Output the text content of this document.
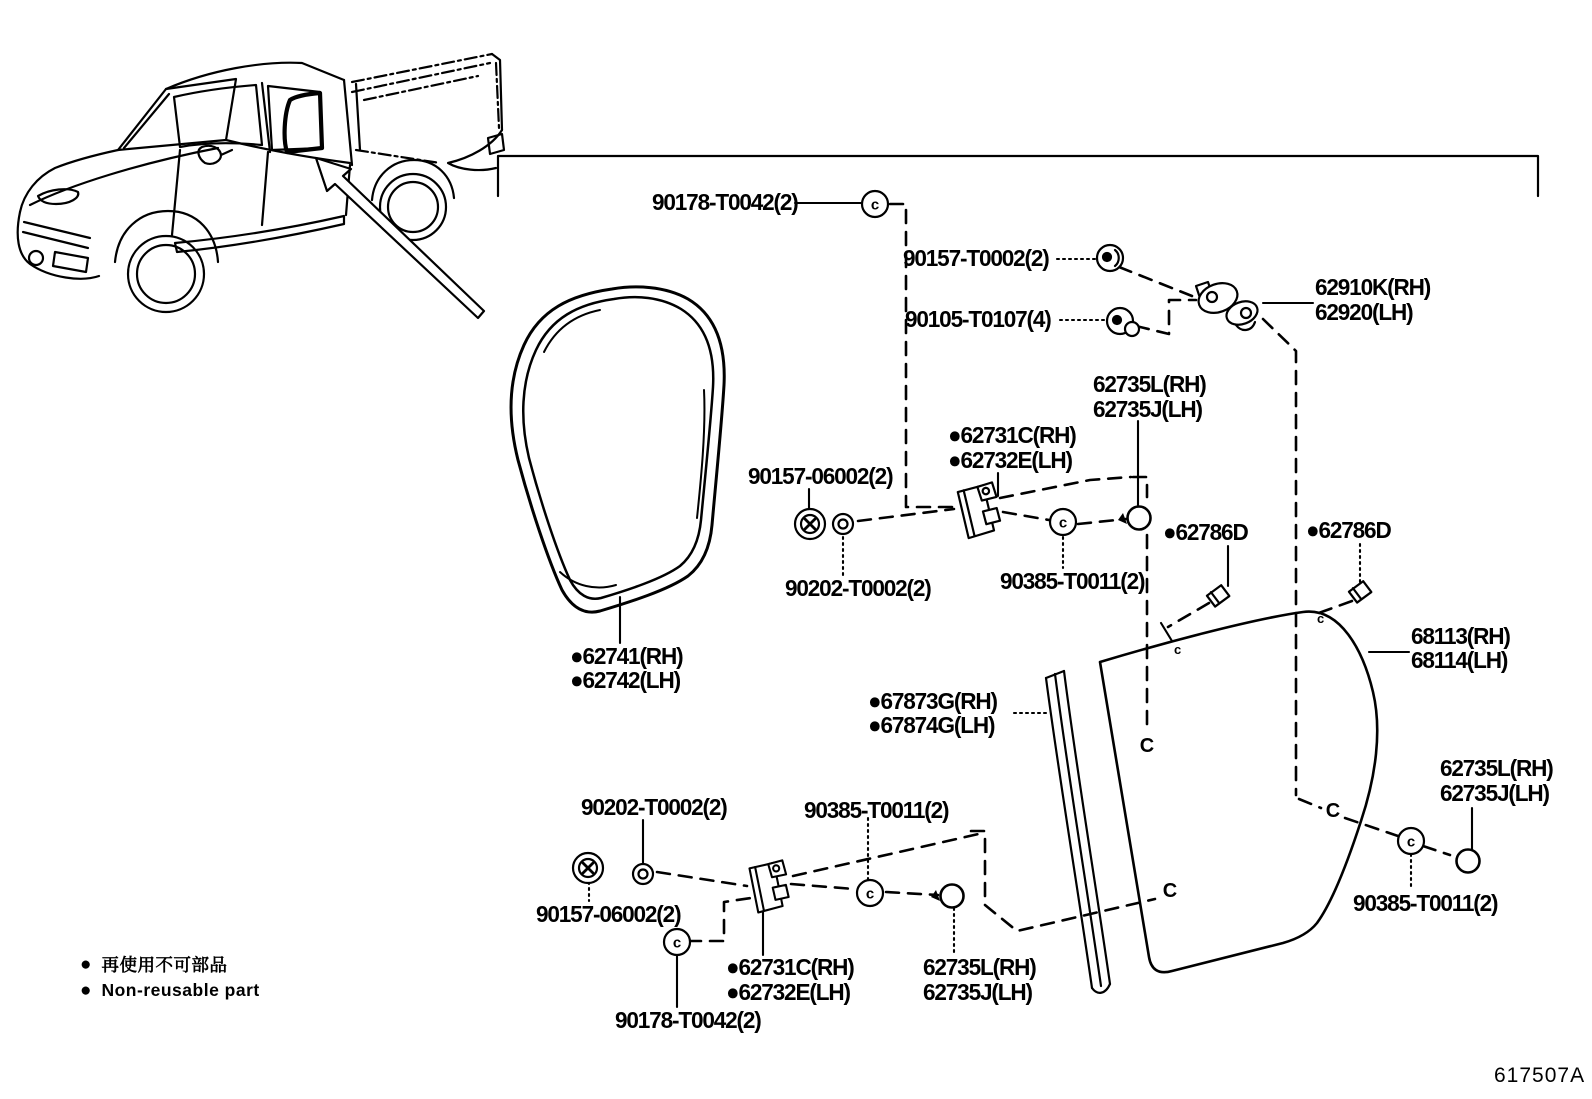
c
c
c
c
c
c
c
C
C
C
90178-T0042(2)
90157-T0002(2)
90105-T0107(4)
62910K(RH)
62920(LH)
62735L(RH)
62735J(LH)
●62731C(RH)
●62732E(LH)
90157-06002(2)
90202-T0002(2)	90385-T0011(2)
●62786D ●62786D
●62741(RH)
●62742(LH)
68113(RH)
68114(LH)
●67873G(RH)
●67874G(LH)
62735L(RH)
62735J(LH)
90385-T0011(2)
90202-T0002(2)	90385-T0011(2)
90157-06002(2)
●62731C(RH)
●62732E(LH)
62735L(RH)
62735J(LH)
90178-T0042(2)
● 再使用不可部品
● Non-reusable part
617507A
